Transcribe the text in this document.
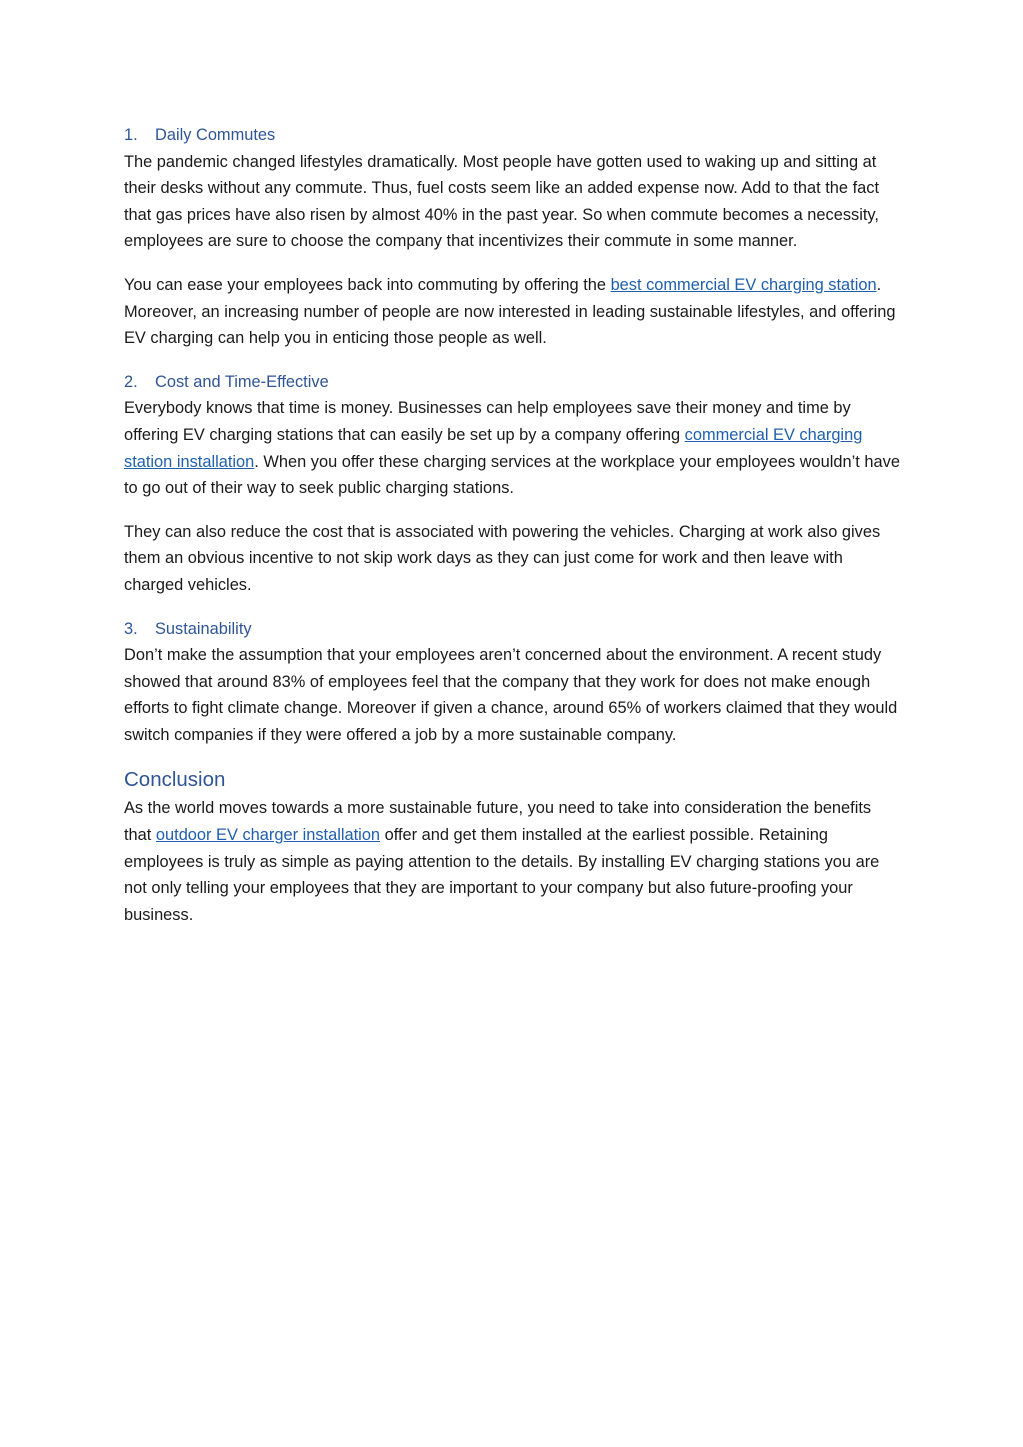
1.	Daily Commutes

The pandemic changed lifestyles dramatically. Most people have gotten used to waking up and sitting at their desks without any commute. Thus, fuel costs seem like an added expense now. Add to that the fact that gas prices have also risen by almost 40% in the past year. So when commute becomes a necessity, employees are sure to choose the company that incentivizes their commute in some manner.

You can ease your employees back into commuting by offering the best commercial EV charging station. Moreover, an increasing number of people are now interested in leading sustainable lifestyles, and offering EV charging can help you in enticing those people as well.

2.	Cost and Time-Effective

Everybody knows that time is money. Businesses can help employees save their money and time by offering EV charging stations that can easily be set up by a company offering commercial EV charging station installation. When you offer these charging services at the workplace your employees wouldn’t have to go out of their way to seek public charging stations.

They can also reduce the cost that is associated with powering the vehicles. Charging at work also gives them an obvious incentive to not skip work days as they can just come for work and then leave with charged vehicles.

3.	Sustainability

Don’t make the assumption that your employees aren’t concerned about the environment. A recent study showed that around 83% of employees feel that the company that they work for does not make enough efforts to fight climate change. Moreover if given a chance, around 65% of workers claimed that they would switch companies if they were offered a job by a more sustainable company.

Conclusion

As the world moves towards a more sustainable future, you need to take into consideration the benefits that outdoor EV charger installation offer and get them installed at the earliest possible. Retaining employees is truly as simple as paying attention to the details. By installing EV charging stations you are not only telling your employees that they are important to your company but also future-proofing your business.
